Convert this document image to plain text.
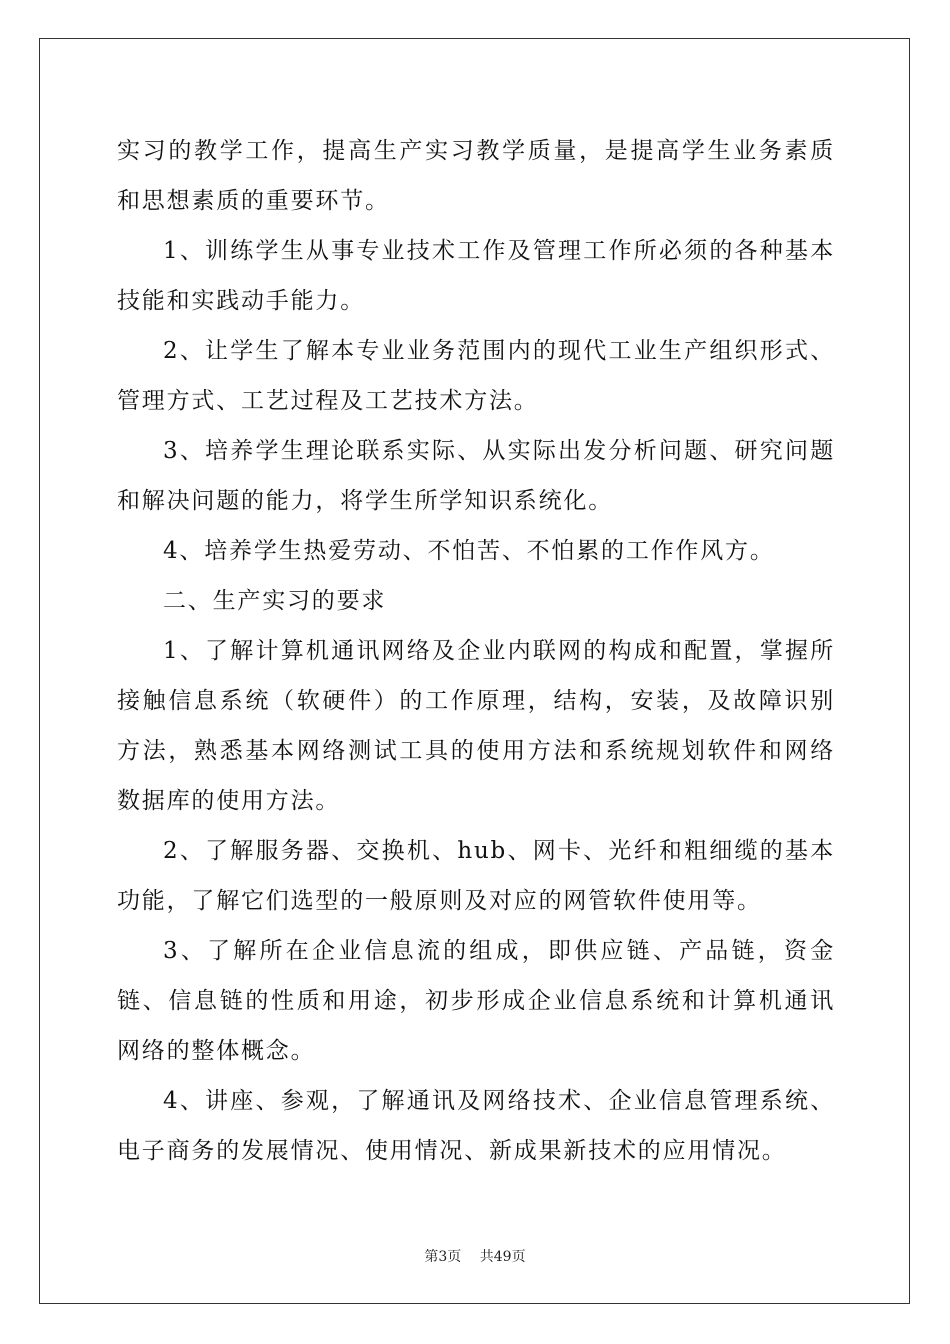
实习的教学工作，提高生产实习教学质量，是提高学生业务素质和思想素质的重要环节。

1、训练学生从事专业技术工作及管理工作所必须的各种基本技能和实践动手能力。

2、让学生了解本专业业务范围内的现代工业生产组织形式、管理方式、工艺过程及工艺技术方法。

3、培养学生理论联系实际、从实际出发分析问题、研究问题和解决问题的能力，将学生所学知识系统化。

4、培养学生热爱劳动、不怕苦、不怕累的工作作风方。

二、生产实习的要求

1、了解计算机通讯网络及企业内联网的构成和配置，掌握所接触信息系统（软硬件）的工作原理，结构，安装，及故障识别方法，熟悉基本网络测试工具的使用方法和系统规划软件和网络数据库的使用方法。

2、了解服务器、交换机、hub、网卡、光纤和粗细缆的基本功能，了解它们选型的一般原则及对应的网管软件使用等。

3、了解所在企业信息流的组成，即供应链、产品链，资金链、信息链的性质和用途，初步形成企业信息系统和计算机通讯网络的整体概念。

4、讲座、参观，了解通讯及网络技术、企业信息管理系统、电子商务的发展情况、使用情况、新成果新技术的应用情况。

第3页 共49页
